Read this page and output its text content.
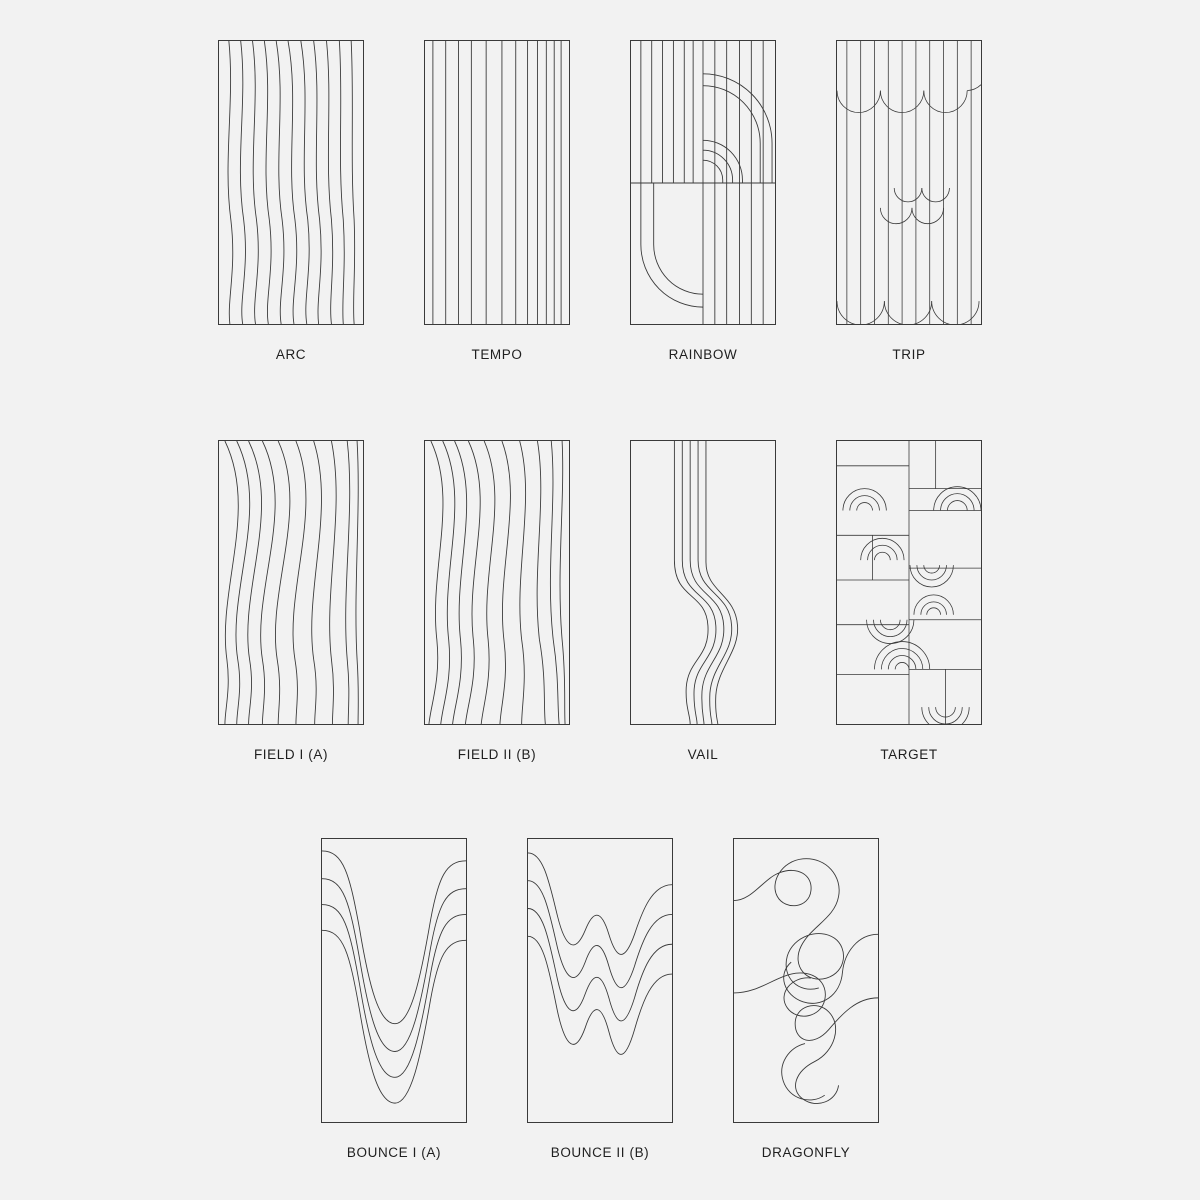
ARC	TEMPO	RAINBOW	TRIP
FIELD I (A)	FIELD II (B)	VAIL	TARGET
BOUNCE I (A)	BOUNCE II (B)	DRAGONFLY
